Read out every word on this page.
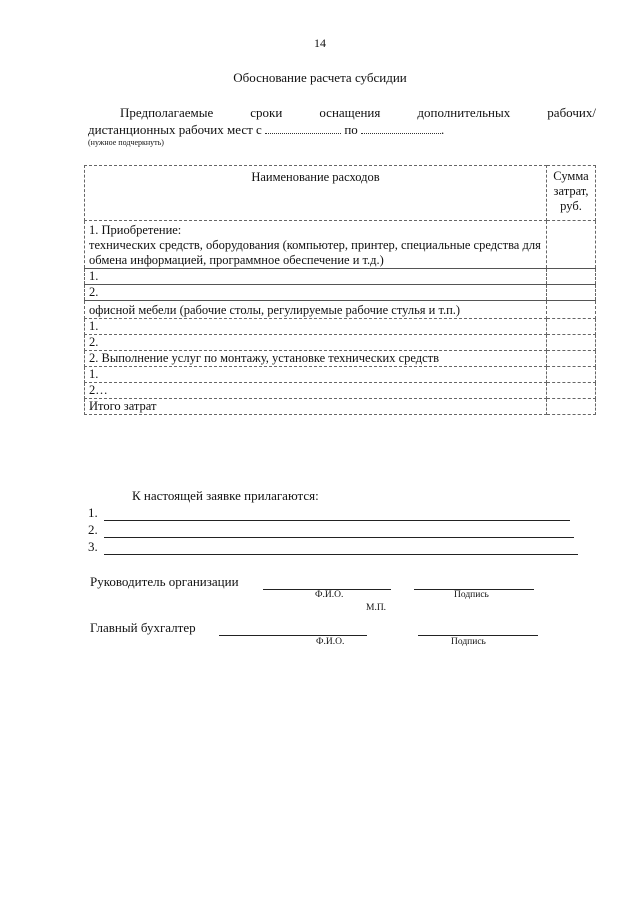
14
Обоснование расчета субсидии
Предполагаемые	сроки	оснащения	дополнительных	рабочих/
дистанционных рабочих мест с	по	.
(нужное подчеркнуть)
Наименование расходов	Сумма затрат, руб.
1. Приобретение:
технических средств, оборудования (компьютер, принтер, специальные средства для обмена информацией, программное обеспечение и т.д.)	
1.	
2.	
офисной мебели (рабочие столы, регулируемые рабочие стулья и т.п.)	
1.	
2.	
2. Выполнение услуг по монтажу, установке технических средств	
1.	
2…	
Итого затрат	
К настоящей заявке прилагаются:
1.
2.
3.
Руководитель организации
Ф.И.О.	Подпись
М.П.
Главный бухгалтер
Ф.И.О.	Подпись
